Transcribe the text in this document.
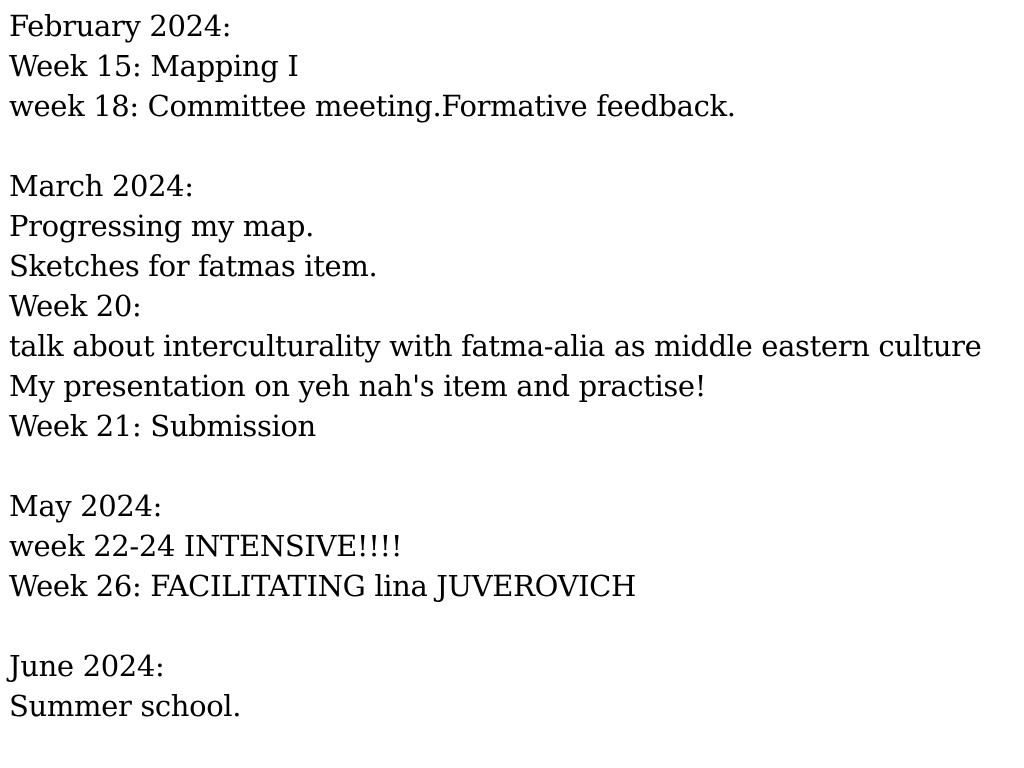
February 2024:
Week 15: Mapping I
week 18: Committee meeting.Formative feedback.
March 2024:
Progressing my map.
Sketches for fatmas item.
Week 20:
talk about interculturality with fatma-alia as middle eastern culture
My presentation on yeh nah's item and practise!
Week 21: Submission
May 2024:
week 22-24 INTENSIVE!!!!
Week 26: FACILITATING lina JUVEROVICH
June 2024:
Summer school.
